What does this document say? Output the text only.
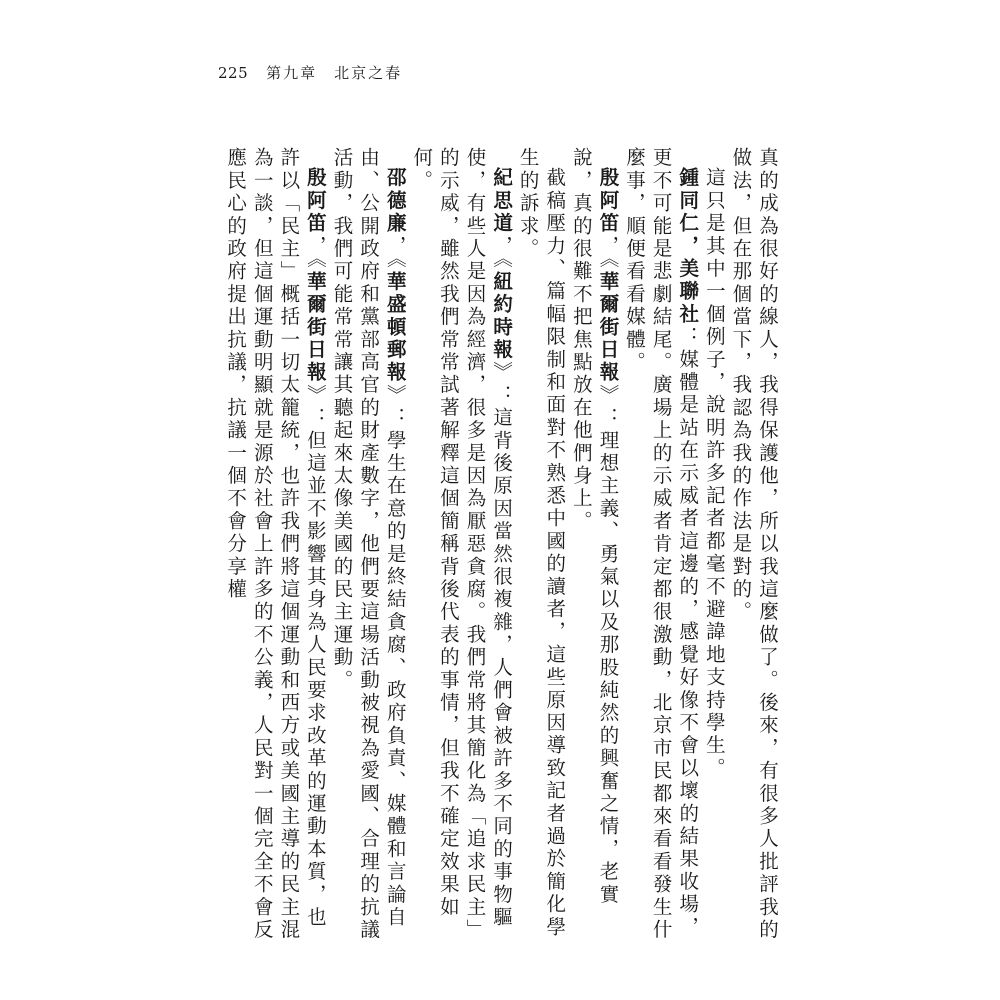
225 第九章　 北京之春

真的成為很好的線人，我得保護他，所以我這麼做了。後來，有很多人批評我的做法，但在那個當下，我認為我的作法是對的。

這只是其中一個例子，說明許多記者都毫不避諱地支持學生。

鍾同仁，美聯社：媒體是站在示威者這邊的，感覺好像不會以壞的結果收場，更不可能是悲劇結尾。廣場上的示威者肯定都很激動，北京市民都來看看發生什麼事，順便看看媒體。

殷阿笛，《華爾街日報》：理想主義、勇氣以及那股純然的興奮之情，老實說，真的很難不把焦點放在他們身上。

截稿壓力、篇幅限制和面對不熟悉中國的讀者，這些原因導致記者過於簡化學生的訴求。

紀思道，《紐約時報》：這背後原因當然很複雜，人們會被許多不同的事物驅使，有些人是因為經濟，很多是因為厭惡貪腐。我們常將其簡化為「追求民主」的示威，雖然我們常常試著解釋這個簡稱背後代表的事情，但我不確定效果如何。

邵德廉，《華盛頓郵報》：學生在意的是終結貪腐、政府負責、媒體和言論自由、公開政府和黨部高官的財產數字，他們要這場活動被視為愛國、合理的抗議活動，我們可能常常讓其聽起來太像美國的民主運動。

殷阿笛，《華爾街日報》：但這並不影響其身為人民要求改革的運動本質，也許以「民主」概括一切太籠統，也許我們將這個運動和西方或美國主導的民主混為一談，但這個運動明顯就是源於社會上許多的不公義，人民對一個完全不會反應民心的政府提出抗議，抗議一個不會分享權
